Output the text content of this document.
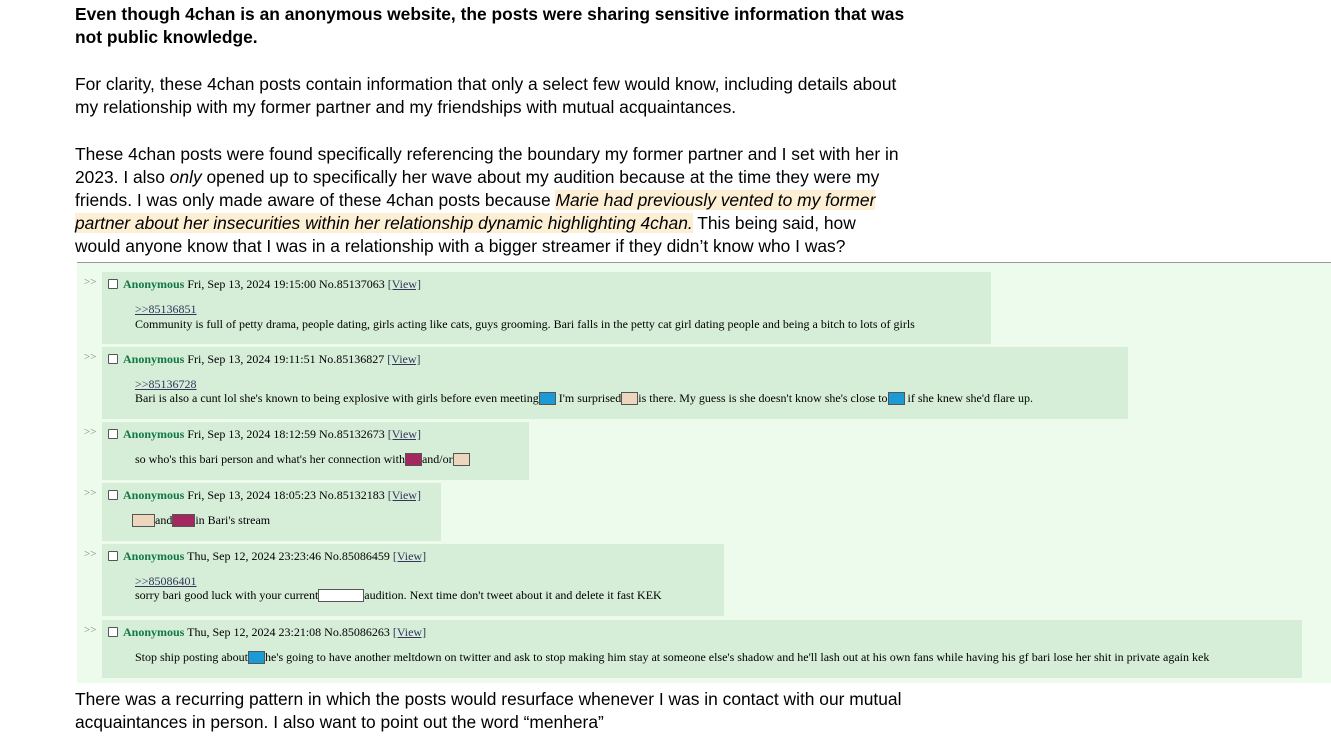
Even though 4chan is an anonymous website, the posts were sharing sensitive information that was not public knowledge.
For clarity, these 4chan posts contain information that only a select few would know, including details about my relationship with my former partner and my friendships with mutual acquaintances.
These 4chan posts were found specifically referencing the boundary my former partner and I set with her in 2023. I also only opened up to specifically her wave about my audition because at the time they were my friends. I was only made aware of these 4chan posts because Marie had previously vented to my former partner about her insecurities within her relationship dynamic highlighting 4chan. This being said, how would anyone know that I was in a relationship with a bigger streamer if they didn’t know who I was?
>> Anonymous Fri, Sep 13, 2024 19:15:00 No.85137063 [View]
>>85136851
Community is full of petty drama, people dating, girls acting like cats, guys grooming. Bari falls in the petty cat girl dating people and being a bitch to lots of girls
>> Anonymous Fri, Sep 13, 2024 19:11:51 No.85136827 [View]
>>85136728
Bari is also a cunt lol she's known to being explosive with girls before even meeting I'm surprised is there. My guess is she doesn't know she's close to if she knew she'd flare up.
>> Anonymous Fri, Sep 13, 2024 18:12:59 No.85132673 [View]
so who's this bari person and what's her connection with and/or
>> Anonymous Fri, Sep 13, 2024 18:05:23 No.85132183 [View]
and in Bari's stream
>> Anonymous Thu, Sep 12, 2024 23:23:46 No.85086459 [View]
>>85086401
sorry bari good luck with your current	audition. Next time don't tweet about it and delete it fast KEK
>> Anonymous Thu, Sep 12, 2024 23:21:08 No.85086263 [View]
Stop ship posting about he's going to have another meltdown on twitter and ask to stop making him stay at someone else's shadow and he'll lash out at his own fans while having his gf bari lose her shit in private again kek
There was a recurring pattern in which the posts would resurface whenever I was in contact with our mutual acquaintances in person. I also want to point out the word “menhera”
